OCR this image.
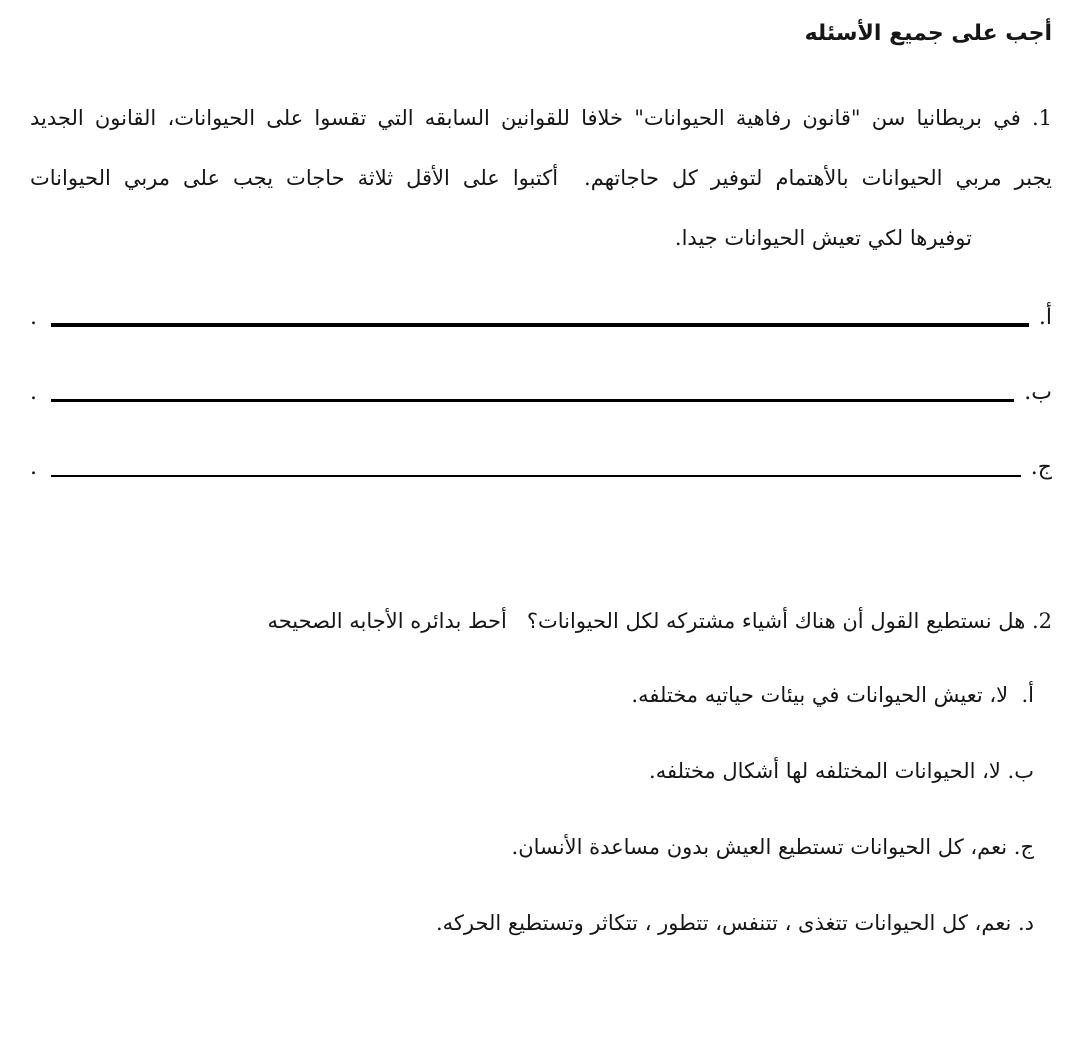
أجب على جميع الأسئله
1. في بريطانيا سن "قانون رفاهية الحيوانات" خلافا للقوانين السابقه التي تقسوا على الحيوانات، القانون الجديد
يجبر مربي الحيوانات بالأهتمام لتوفير كل حاجاتهم.  أكتبوا على الأقل ثلاثة حاجات يجب على مربي الحيوانات
توفيرها لكي تعيش الحيوانات جيدا.
أ.
.
ب.
.
ج.
.
2. هل نستطيع القول أن هناك أشياء مشتركه لكل الحيوانات؟   أحط بدائره الأجابه الصحيحه
أ.  لا، تعيش الحيوانات في بيئات حياتيه مختلفه.
ب. لا، الحيوانات المختلفه لها أشكال مختلفه.
ج. نعم، كل الحيوانات تستطيع العيش بدون مساعدة الأنسان.
د. نعم، كل الحيوانات تتغذى ، تتنفس، تتطور ، تتكاثر وتستطيع الحركه.
